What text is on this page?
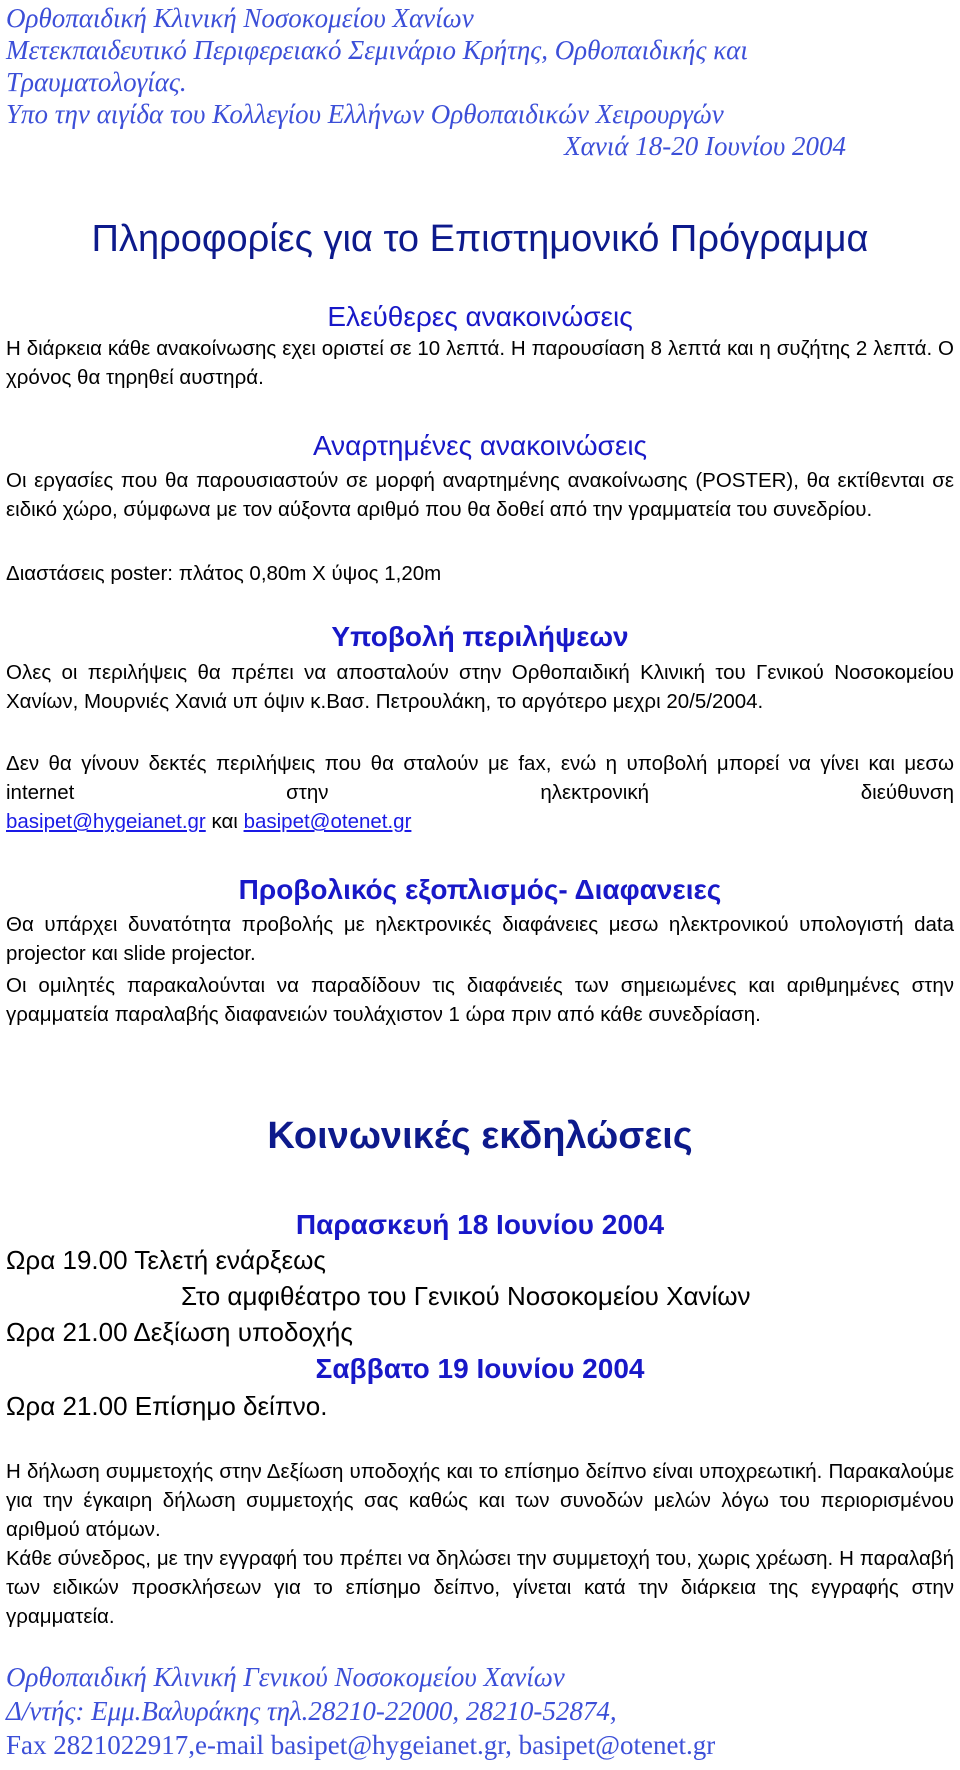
Ορθοπαιδική Κλινική Νοσοκομείου Χανίων
Μετεκπαιδευτικό Περιφερειακό Σεμινάριο Κρήτης, Ορθοπαιδικής και
Τραυματολογίας.
Υπο την αιγίδα του Κολλεγίου Ελλήνων Ορθοπαιδικών Χειρουργών
Χανιά 18-20 Ιουνίου 2004
Πληροφορίες για το Επιστημονικό Πρόγραμμα
Ελεύθερες ανακοινώσεις
Η διάρκεια κάθε ανακοίνωσης εχει οριστεί σε 10 λεπτά. Η παρουσίαση 8 λεπτά και η συζήτης 2 λεπτά. Ο χρόνος θα τηρηθεί αυστηρά.
Αναρτημένες ανακοινώσεις
Οι εργασίες που θα παρουσιαστούν σε μορφή αναρτημένης ανακοίνωσης (POSTER), θα εκτίθενται σε ειδικό χώρο, σύμφωνα με τον αύξοντα αριθμό που θα δοθεί από την γραμματεία του συνεδρίου.
Διαστάσεις poster: πλάτος 0,80m Χ ύψος 1,20m
Υποβολή περιλήψεων
Ολες οι περιλήψεις θα πρέπει να αποσταλούν στην Ορθοπαιδική Κλινική του Γενικού Νοσοκομείου Χανίων, Μουρνιές Χανιά υπ όψιν κ.Βασ. Πετρουλάκη, το αργότερο μεχρι 20/5/2004.
Δεν θα γίνουν δεκτές περιλήψεις που θα σταλούν με fax, ενώ η υποβολή μπορεί να γίνει και μεσω internet στην ηλεκτρονική διεύθυνση
basipet@hygeianet.gr και basipet@otenet.gr
Προβολικός εξοπλισμός- Διαφανειες
Θα υπάρχει δυνατότητα προβολής με ηλεκτρονικές διαφάνειες μεσω ηλεκτρονικού υπολογιστή data projector και slide projector.
Οι ομιλητές παρακαλούνται να παραδίδουν τις διαφάνειές των σημειωμένες και αριθμημένες στην γραμματεία παραλαβής διαφανειών τουλάχιστον 1 ώρα πριν από κάθε συνεδρίαση.
Κοινωνικές εκδηλώσεις
Παρασκευή 18 Ιουνίου 2004
Ωρα 19.00 Τελετή ενάρξεως
Στο αμφιθέατρο του Γενικού Νοσοκομείου Χανίων
Ωρα 21.00 Δεξίωση υποδοχής
Σαββατο 19 Ιουνίου 2004
Ωρα 21.00 Επίσημο δείπνο.
Η δήλωση συμμετοχής στην Δεξίωση υποδοχής και το επίσημο δείπνο είναι υποχρεωτική. Παρακαλούμε για την έγκαιρη δήλωση συμμετοχής σας καθώς και των συνοδών μελών λόγω του περιορισμένου αριθμού ατόμων.
Κάθε σύνεδρος, με την εγγραφή του πρέπει να δηλώσει την συμμετοχή του, χωρις χρέωση. Η παραλαβή των ειδικών προσκλήσεων για το επίσημο δείπνο, γίνεται κατά την διάρκεια της εγγραφής στην γραμματεία.
Ορθοπαιδική Κλινική Γενικού Νοσοκομείου Χανίων
Δ/ντής: Εμμ.Βαλυράκης τηλ.28210-22000, 28210-52874,
Fax 2821022917,e-mail basipet@hygeianet.gr, basipet@otenet.gr
